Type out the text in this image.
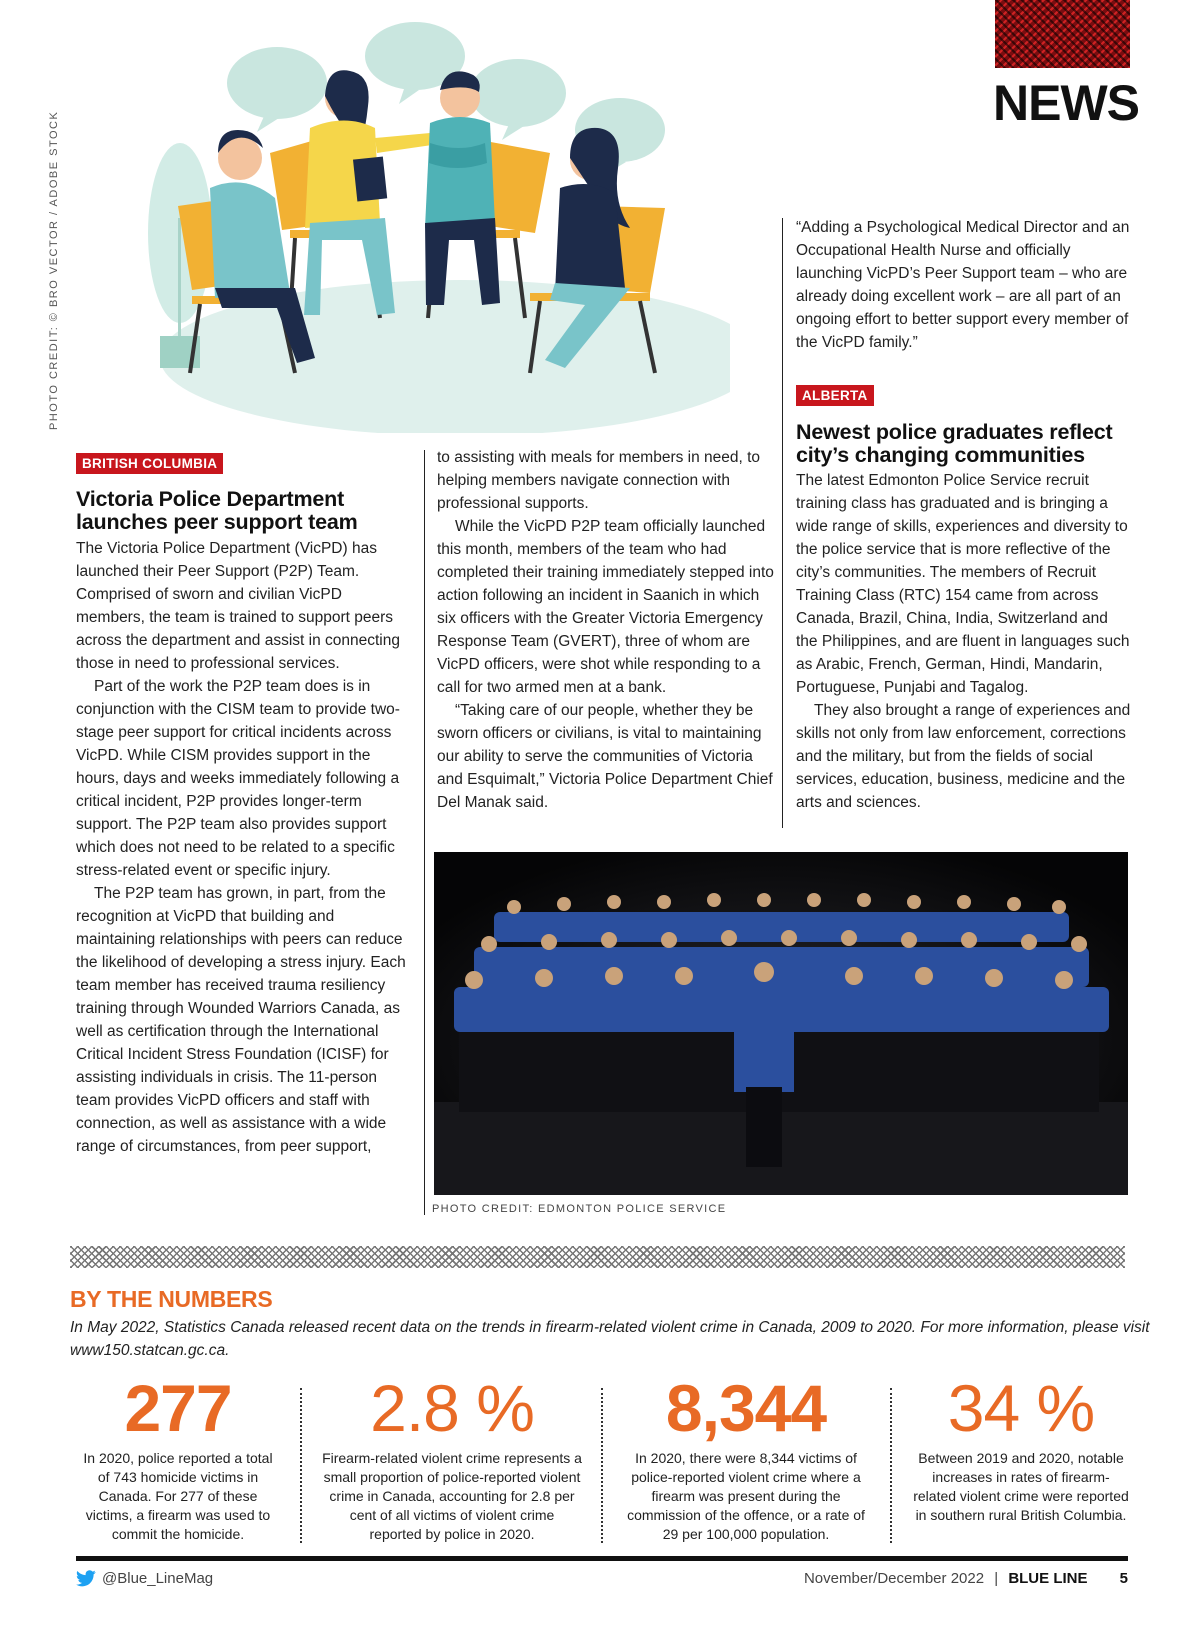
NEWS
PHOTO CREDIT: © BRO VECTOR / ADOBE STOCK
BRITISH COLUMBIA
Victoria Police Department
launches peer support team

The Victoria Police Department (VicPD) has launched their Peer Support (P2P) Team. Comprised of sworn and civilian VicPD members, the team is trained to support peers across the department and assist in connecting those in need to professional services.

Part of the work the P2P team does is in conjunction with the CISM team to provide two-stage peer support for critical incidents across VicPD. While CISM provides support in the hours, days and weeks immediately following a critical incident, P2P provides longer-term support. The P2P team also provides support which does not need to be related to a specific stress-related event or specific injury.

The P2P team has grown, in part, from the recognition at VicPD that building and maintaining relationships with peers can reduce the likelihood of developing a stress injury. Each team member has received trauma resiliency training through Wounded Warriors Canada, as well as certification through the International Critical Incident Stress Foundation (ICISF) for assisting individuals in crisis. The 11-person team provides VicPD officers and staff with connection, as well as assistance with a wide range of circumstances, from peer support,

to assisting with meals for members in need, to helping members navigate connection with professional supports.

While the VicPD P2P team officially launched this month, members of the team who had completed their training immediately stepped into action following an incident in Saanich in which six officers with the Greater Victoria Emergency Response Team (GVERT), three of whom are VicPD officers, were shot while responding to a call for two armed men at a bank.

“Taking care of our people, whether they be sworn officers or civilians, is vital to maintaining our ability to serve the communities of Victoria and Esquimalt,” Victoria Police Department Chief Del Manak said.

“Adding a Psychological Medical Director and an Occupational Health Nurse and officially launching VicPD’s Peer Support team – who are already doing excellent work – are all part of an ongoing effort to better support every member of the VicPD family.”

ALBERTA
Newest police graduates reflect
city’s changing communities

The latest Edmonton Police Service recruit training class has graduated and is bringing a wide range of skills, experiences and diversity to the police service that is more reflective of the city’s communities. The members of Recruit Training Class (RTC) 154 came from across Canada, Brazil, China, India, Switzerland and the Philippines, and are fluent in languages such as Arabic, French, German, Hindi, Mandarin, Portuguese, Punjabi and Tagalog.

They also brought a range of experiences and skills not only from law enforcement, corrections and the military, but from the fields of social services, education, business, medicine and the arts and sciences.

PHOTO CREDIT: EDMONTON POLICE SERVICE
BY THE NUMBERS
In May 2022, Statistics Canada released recent data on the trends in firearm-related violent crime in Canada, 2009 to 2020. For more information, please visit www150.statcan.gc.ca.
277
In 2020, police reported a total of 743 homicide victims in Canada. For 277 of these victims, a firearm was used to commit the homicide.
2.8 %
Firearm-related violent crime represents a small proportion of police-reported violent crime in Canada, accounting for 2.8 per cent of all victims of violent crime reported by police in 2020.
8,344
In 2020, there were 8,344 victims of police-reported violent crime where a firearm was present during the commission of the offence, or a rate of 29 per 100,000 population.
34 %
Between 2019 and 2020, notable increases in rates of firearm-related violent crime were reported in southern rural British Columbia.
@Blue_LineMag	November/December 2022 | BLUE LINE 5
